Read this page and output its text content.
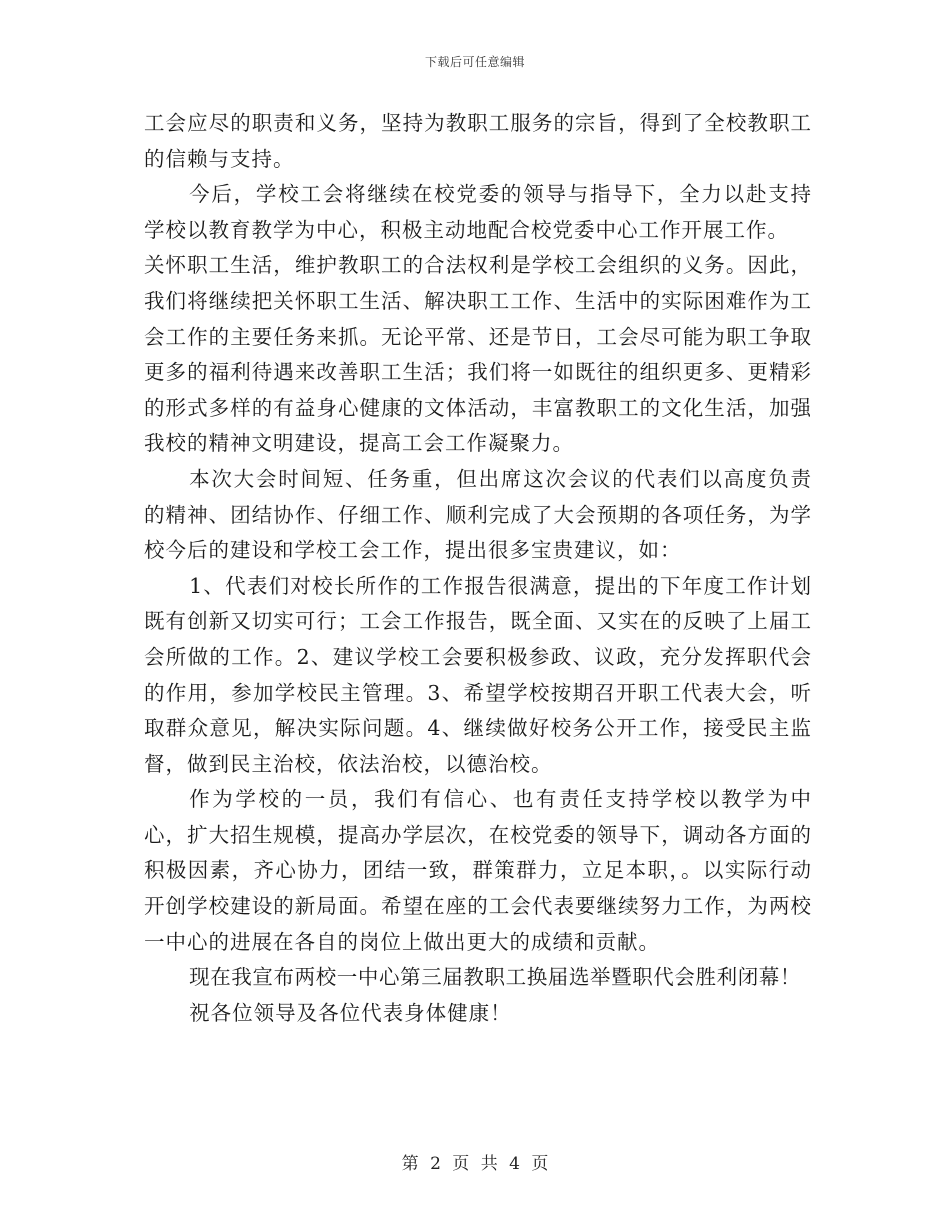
下载后可任意编辑

工会应尽的职责和义务，坚持为教职工服务的宗旨，得到了全校教职工的信赖与支持。

今后，学校工会将继续在校党委的领导与指导下，全力以赴支持学校以教育教学为中心，积极主动地配合校党委中心工作开展工作。

关怀职工生活，维护教职工的合法权利是学校工会组织的义务。因此，我们将继续把关怀职工生活、解决职工工作、生活中的实际困难作为工会工作的主要任务来抓。无论平常、还是节日，工会尽可能为职工争取更多的福利待遇来改善职工生活；我们将一如既往的组织更多、更精彩的形式多样的有益身心健康的文体活动，丰富教职工的文化生活，加强我校的精神文明建设，提高工会工作凝聚力。

本次大会时间短、任务重，但出席这次会议的代表们以高度负责的精神、团结协作、仔细工作、顺利完成了大会预期的各项任务，为学校今后的建设和学校工会工作，提出很多宝贵建议，如：

1、代表们对校长所作的工作报告很满意，提出的下年度工作计划既有创新又切实可行；工会工作报告，既全面、又实在的反映了上届工会所做的工作。2、建议学校工会要积极参政、议政，充分发挥职代会的作用，参加学校民主管理。3、希望学校按期召开职工代表大会，听取群众意见，解决实际问题。4、继续做好校务公开工作，接受民主监督，做到民主治校，依法治校，以德治校。

作为学校的一员，我们有信心、也有责任支持学校以教学为中心，扩大招生规模，提高办学层次，在校党委的领导下，调动各方面的积极因素，齐心协力，团结一致，群策群力，立足本职，。以实际行动开创学校建设的新局面。希望在座的工会代表要继续努力工作，为两校一中心的进展在各自的岗位上做出更大的成绩和贡献。

现在我宣布两校一中心第三届教职工换届选举暨职代会胜利闭幕！

祝各位领导及各位代表身体健康！

第 2 页 共 4 页
